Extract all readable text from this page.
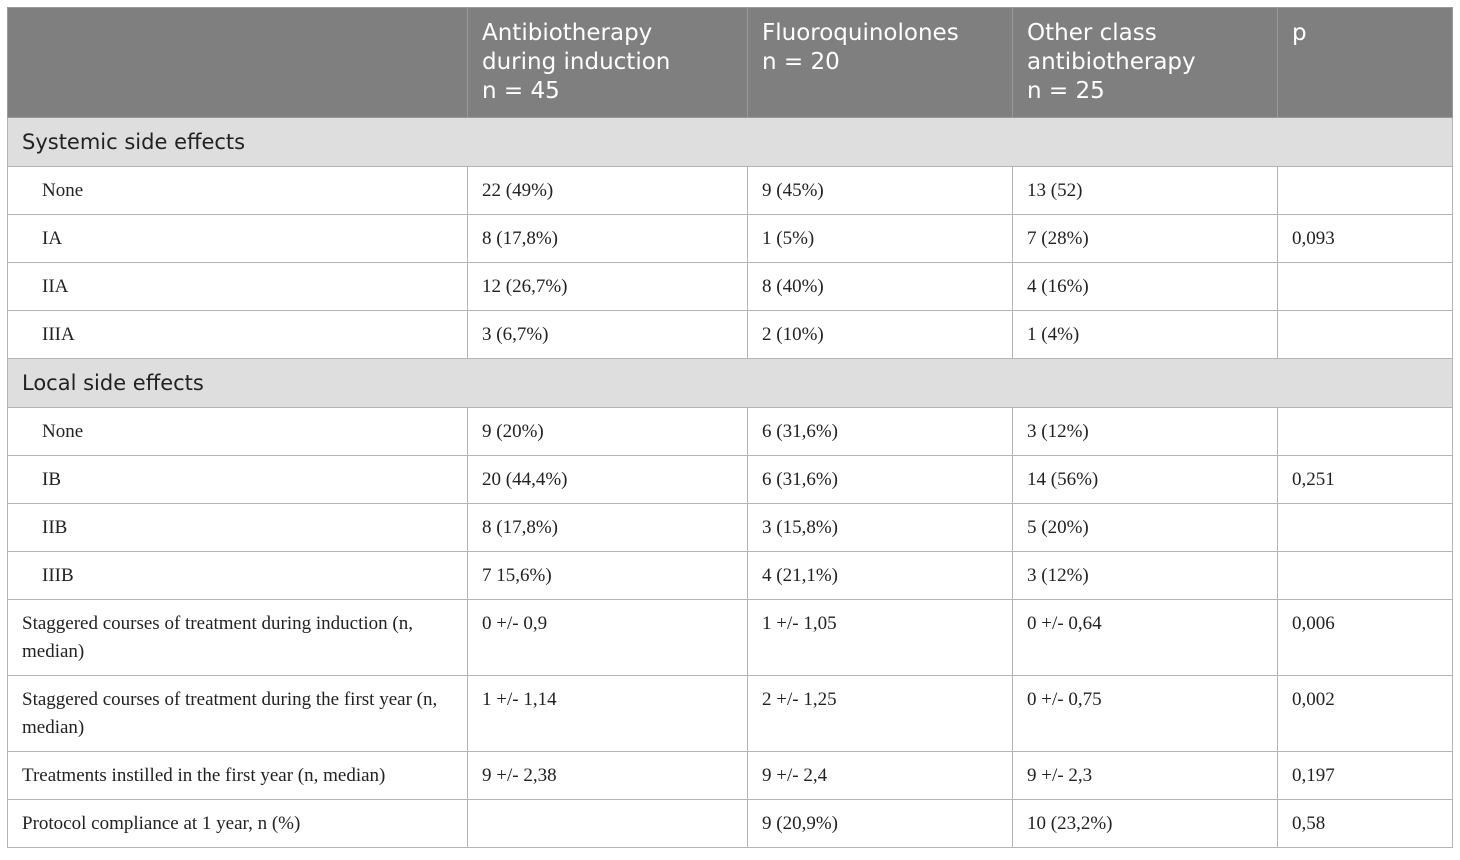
	Antibiotherapy
during induction
n = 45	Fluoroquinolones
n = 20	Other class
antibiotherapy
n = 25	p
Systemic side effects				
None	22 (49%)	9 (45%)	13 (52)	
IA	8 (17,8%)	1 (5%)	7 (28%)	0,093
IIA	12 (26,7%)	8 (40%)	4 (16%)	
IIIA	3 (6,7%)	2 (10%)	1 (4%)	
Local side effects				
None	9 (20%)	6 (31,6%)	3 (12%)	
IB	20 (44,4%)	6 (31,6%)	14 (56%)	0,251
IIB	8 (17,8%)	3 (15,8%)	5 (20%)	
IIIB	7 15,6%)	4 (21,1%)	3 (12%)	
Staggered courses of treatment during induction (n, median)	0 +/- 0,9	1 +/- 1,05	0 +/- 0,64	0,006
Staggered courses of treatment during the first year (n, median)	1 +/- 1,14	2 +/- 1,25	0 +/- 0,75	0,002
Treatments instilled in the first year (n, median)	9 +/- 2,38	9 +/- 2,4	9 +/- 2,3	0,197
Protocol compliance at 1 year, n (%)		9 (20,9%)	10 (23,2%)	0,58
